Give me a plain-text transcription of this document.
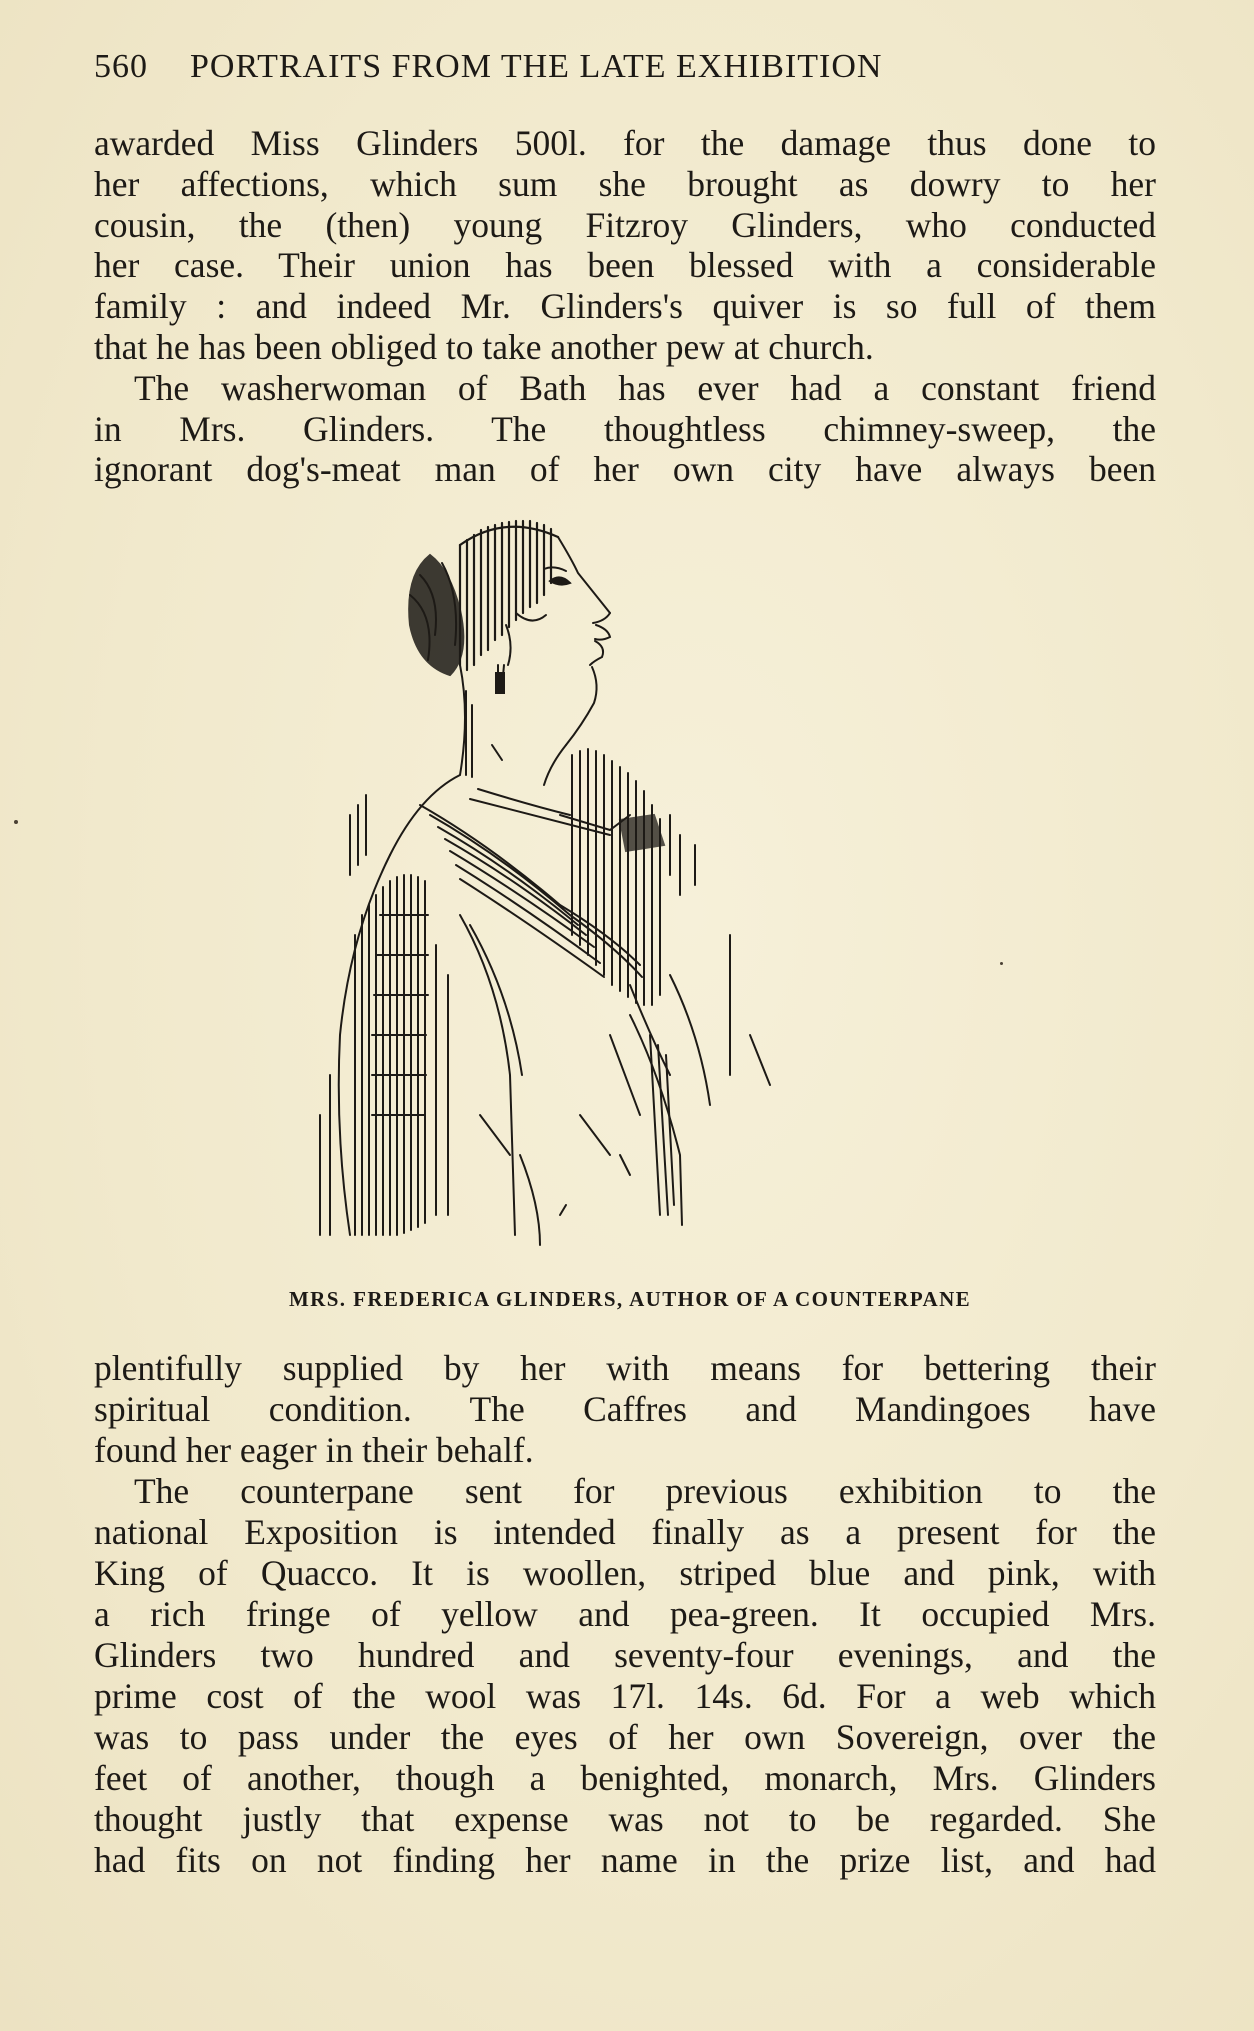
560 PORTRAITS FROM THE LATE EXHIBITION
awarded Miss Glinders 500l. for the damage thus done to
her affections, which sum she brought as dowry to her
cousin, the (then) young Fitzroy Glinders, who conducted
her case. Their union has been blessed with a considerable
family : and indeed Mr. Glinders's quiver is so full of them
that he has been obliged to take another pew at church.
The washerwoman of Bath has ever had a constant friend
in Mrs. Glinders. The thoughtless chimney-sweep, the
ignorant dog's-meat man of her own city have always been
MRS. FREDERICA GLINDERS, AUTHOR OF A COUNTERPANE
plentifully supplied by her with means for bettering their
spiritual condition. The Caffres and Mandingoes have
found her eager in their behalf.
The counterpane sent for previous exhibition to the
national Exposition is intended finally as a present for the
King of Quacco. It is woollen, striped blue and pink, with
a rich fringe of yellow and pea-green. It occupied Mrs.
Glinders two hundred and seventy-four evenings, and the
prime cost of the wool was 17l. 14s. 6d. For a web which
was to pass under the eyes of her own Sovereign, over the
feet of another, though a benighted, monarch, Mrs. Glinders
thought justly that expense was not to be regarded. She
had fits on not finding her name in the prize list, and had
